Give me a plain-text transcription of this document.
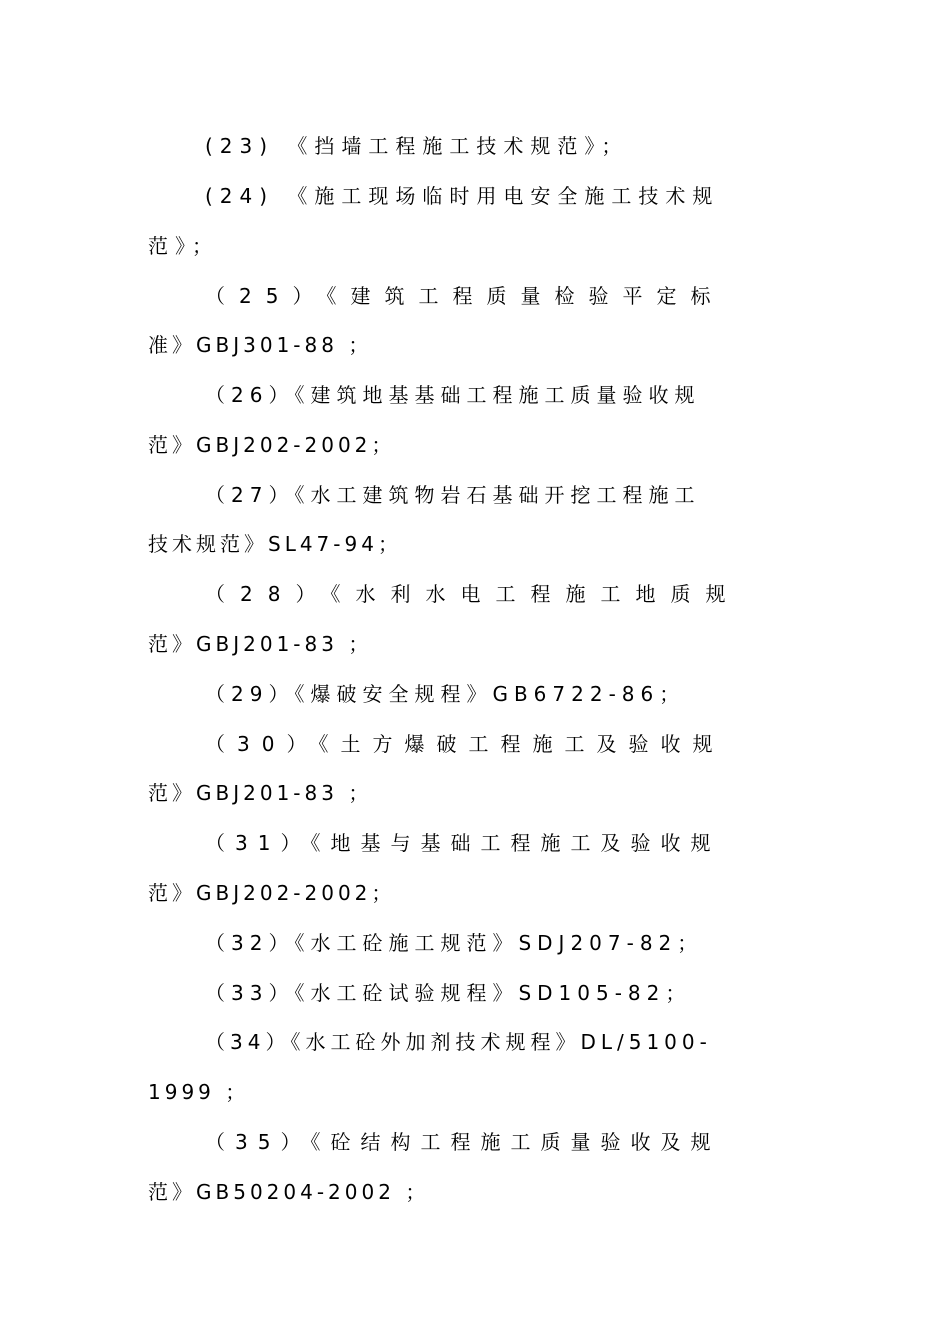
(23) 《挡墙工程施工技术规范》；
(24) 《施工现场临时用电安全施工技术规
范》；
（25）《建筑工程质量检验平定标
准》GBJ301-88 ；
（26）《建筑地基基础工程施工质量验收规
范》GBJ202-2002；
（27）《水工建筑物岩石基础开挖工程施工
技术规范》SL47-94；
（28）《水利水电工程施工地质规
范》GBJ201-83 ；
（29）《爆破安全规程》GB6722-86；
（30）《土方爆破工程施工及验收规
范》GBJ201-83 ；
（31）《地基与基础工程施工及验收规
范》GBJ202-2002；
（32）《水工砼施工规范》SDJ207-82；
（33）《水工砼试验规程》SD105-82；
（34）《水工砼外加剂技术规程》DL/5100-
1999 ；
（35）《砼结构工程施工质量验收及规
范》GB50204-2002 ；
